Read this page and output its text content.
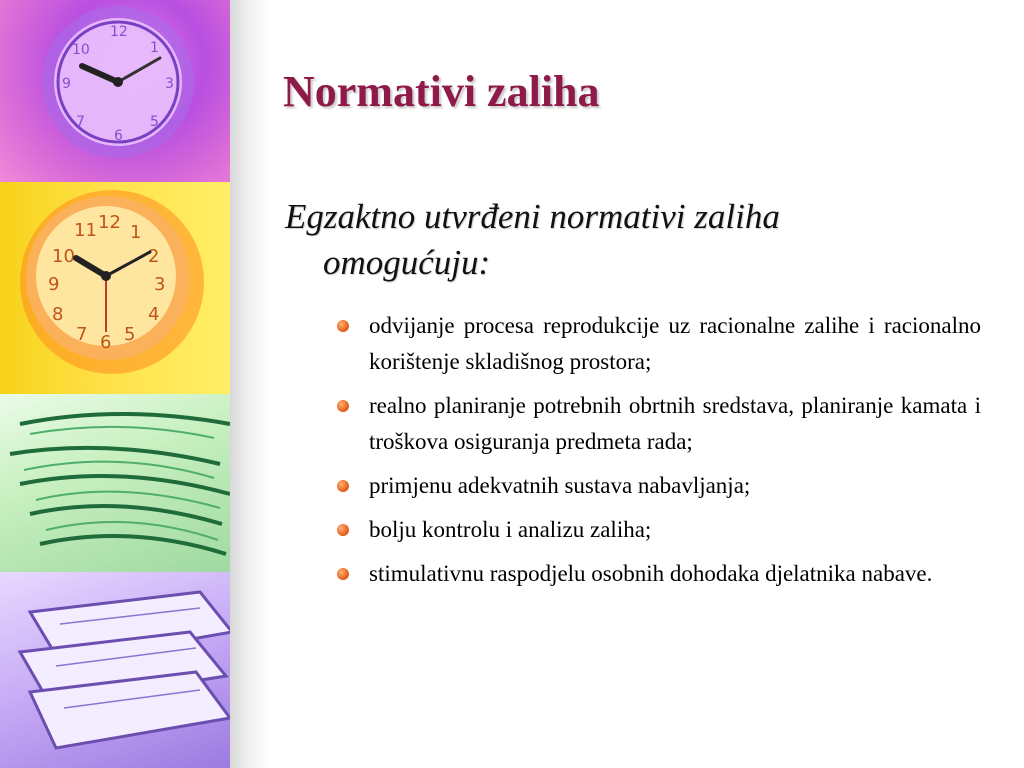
12
1
3
5
6
7
9
10
11 12 1
10	2
9	3
8	4
7 6 5
Normativi zaliha
Egzaktno utvrđeni normativi zaliha
omogućuju:
odvijanje procesa reprodukcije uz racionalne zalihe i racionalno korištenje skladišnog prostora;
realno planiranje potrebnih obrtnih sredstava, planiranje kamata i troškova osiguranja predmeta rada;
primjenu adekvatnih sustava nabavljanja;
bolju kontrolu i analizu zaliha;
stimulativnu raspodjelu osobnih dohodaka djelatnika nabave.
